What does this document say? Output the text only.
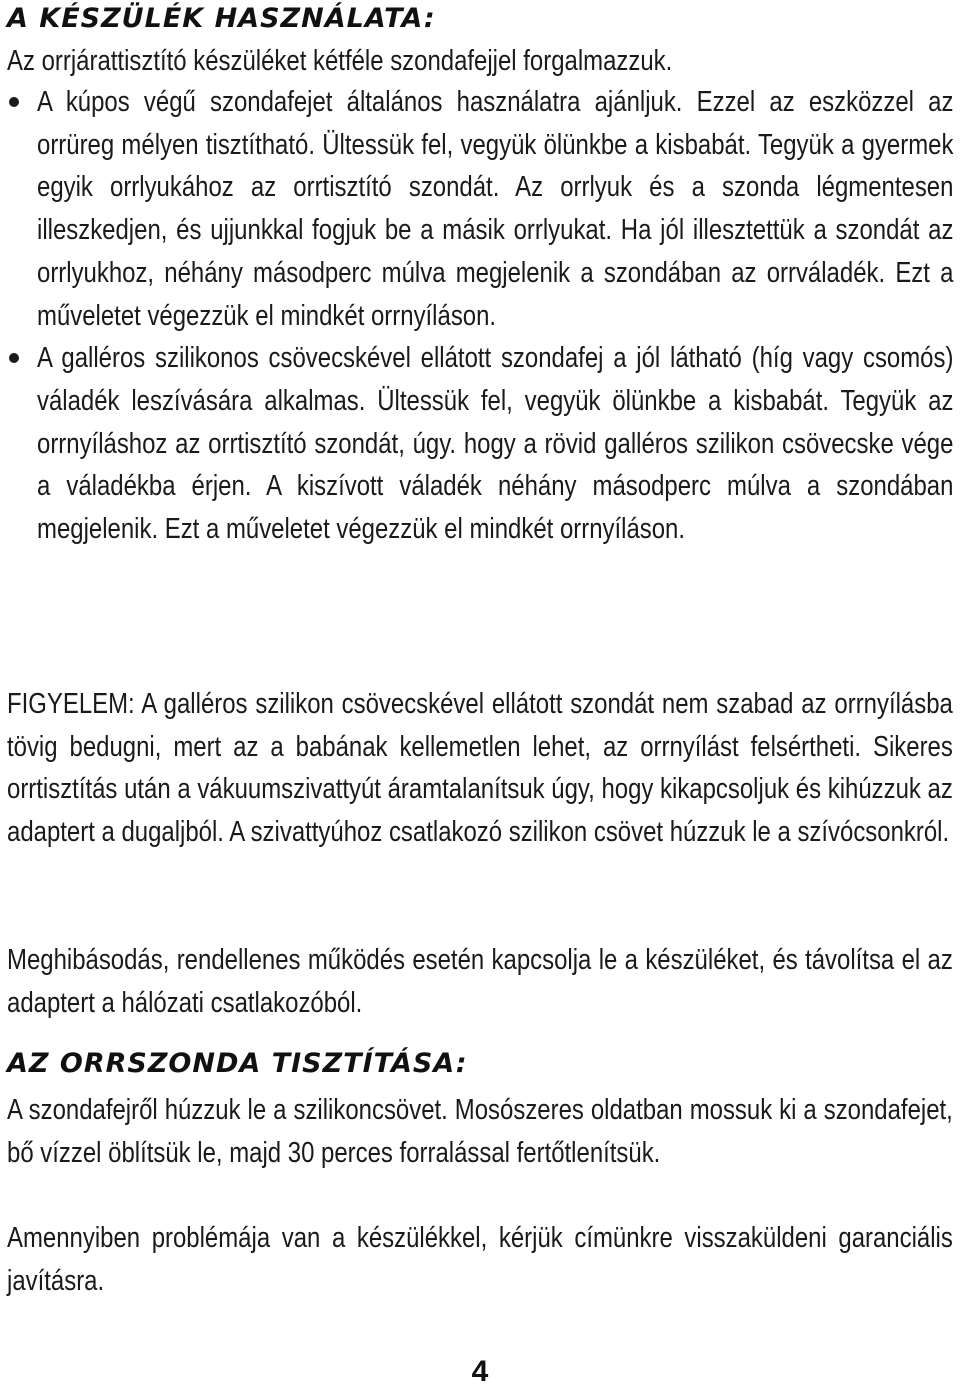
A KÉSZÜLÉK HASZNÁLATA:

Az orrjárattisztító készüléket kétféle szondafejjel forgalmazzuk.

A kúpos végű szondafejet általános használatra ajánljuk. Ezzel az eszközzel az orrüreg mélyen tisztítható. Ültessük fel, vegyük ölünkbe a kisbabát. Tegyük a gyermek egyik orrlyukához az orrtisztító szondát. Az orrlyuk és a szonda légmentesen illeszkedjen, és ujjunkkal fogjuk be a másik orrlyukat. Ha jól illesztettük a szondát az orrlyukhoz, néhány másodperc múlva megjelenik a szondában az orrváladék. Ezt a műveletet végezzük el mindkét orrnyíláson.

A galléros szilikonos csövecskével ellátott szondafej a jól látható (híg vagy csomós) váladék leszívására alkalmas. Ültessük fel, vegyük ölünkbe a kisbabát. Tegyük az orrnyíláshoz az orrtisztító szondát, úgy. hogy a rövid galléros szilikon csövecske vége a váladékba érjen. A kiszívott váladék néhány másodperc múlva a szondában megjelenik. Ezt a műveletet végezzük el mindkét orrnyíláson.

FIGYELEM: A galléros szilikon csövecskével ellátott szondát nem szabad az orrnyílásba tövig bedugni, mert az a babának kellemetlen lehet, az orrnyílást felsértheti. Sikeres orrtisztítás után a vákuumszivattyút áramtalanítsuk úgy, hogy kikapcsoljuk és kihúzzuk az adaptert a dugaljból. A szivattyúhoz csatlakozó szilikon csövet húzzuk le a szívócsonkról.

Meghibásodás, rendellenes működés esetén kapcsolja le a készüléket, és távolítsa el az adaptert a hálózati csatlakozóból.

AZ ORRSZONDA TISZTÍTÁSA:

A szondafejről húzzuk le a szilikoncsövet. Mosószeres oldatban mossuk ki a szondafejet, bő vízzel öblítsük le, majd 30 perces forralással fertőtlenítsük.

Amennyiben problémája van a készülékkel, kérjük címünkre visszaküldeni garanciális javításra.

4
